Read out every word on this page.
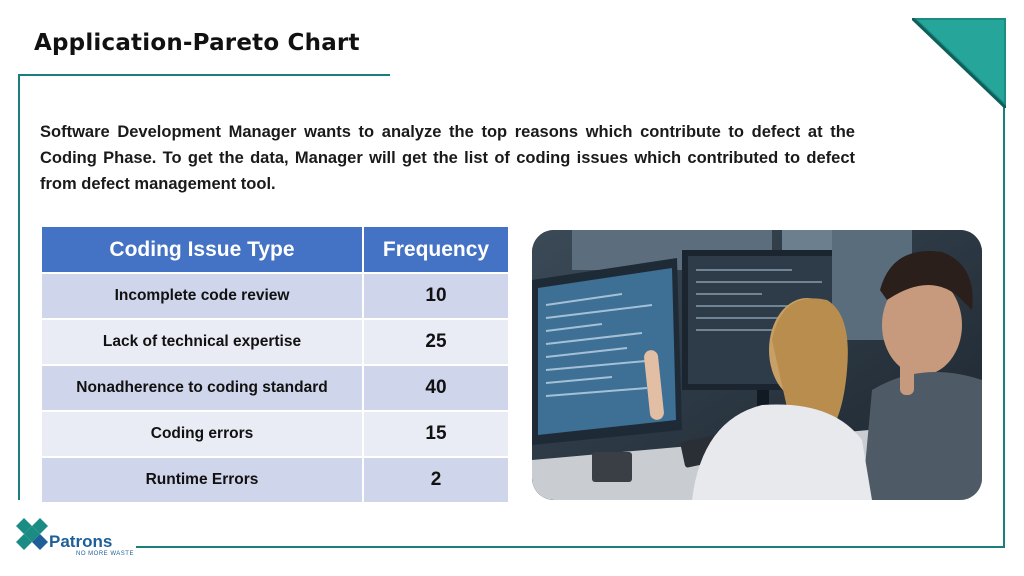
Application-Pareto Chart
Software Development Manager wants to analyze the top reasons which contribute to defect at the Coding Phase. To get the data, Manager will get the list of coding issues which contributed to defect from defect management tool.
Coding Issue Type	Frequency
Incomplete code review	10
Lack of technical expertise	25
Nonadherence to coding standard	40
Coding errors	15
Runtime Errors	2
Patrons
NO MORE WASTE
